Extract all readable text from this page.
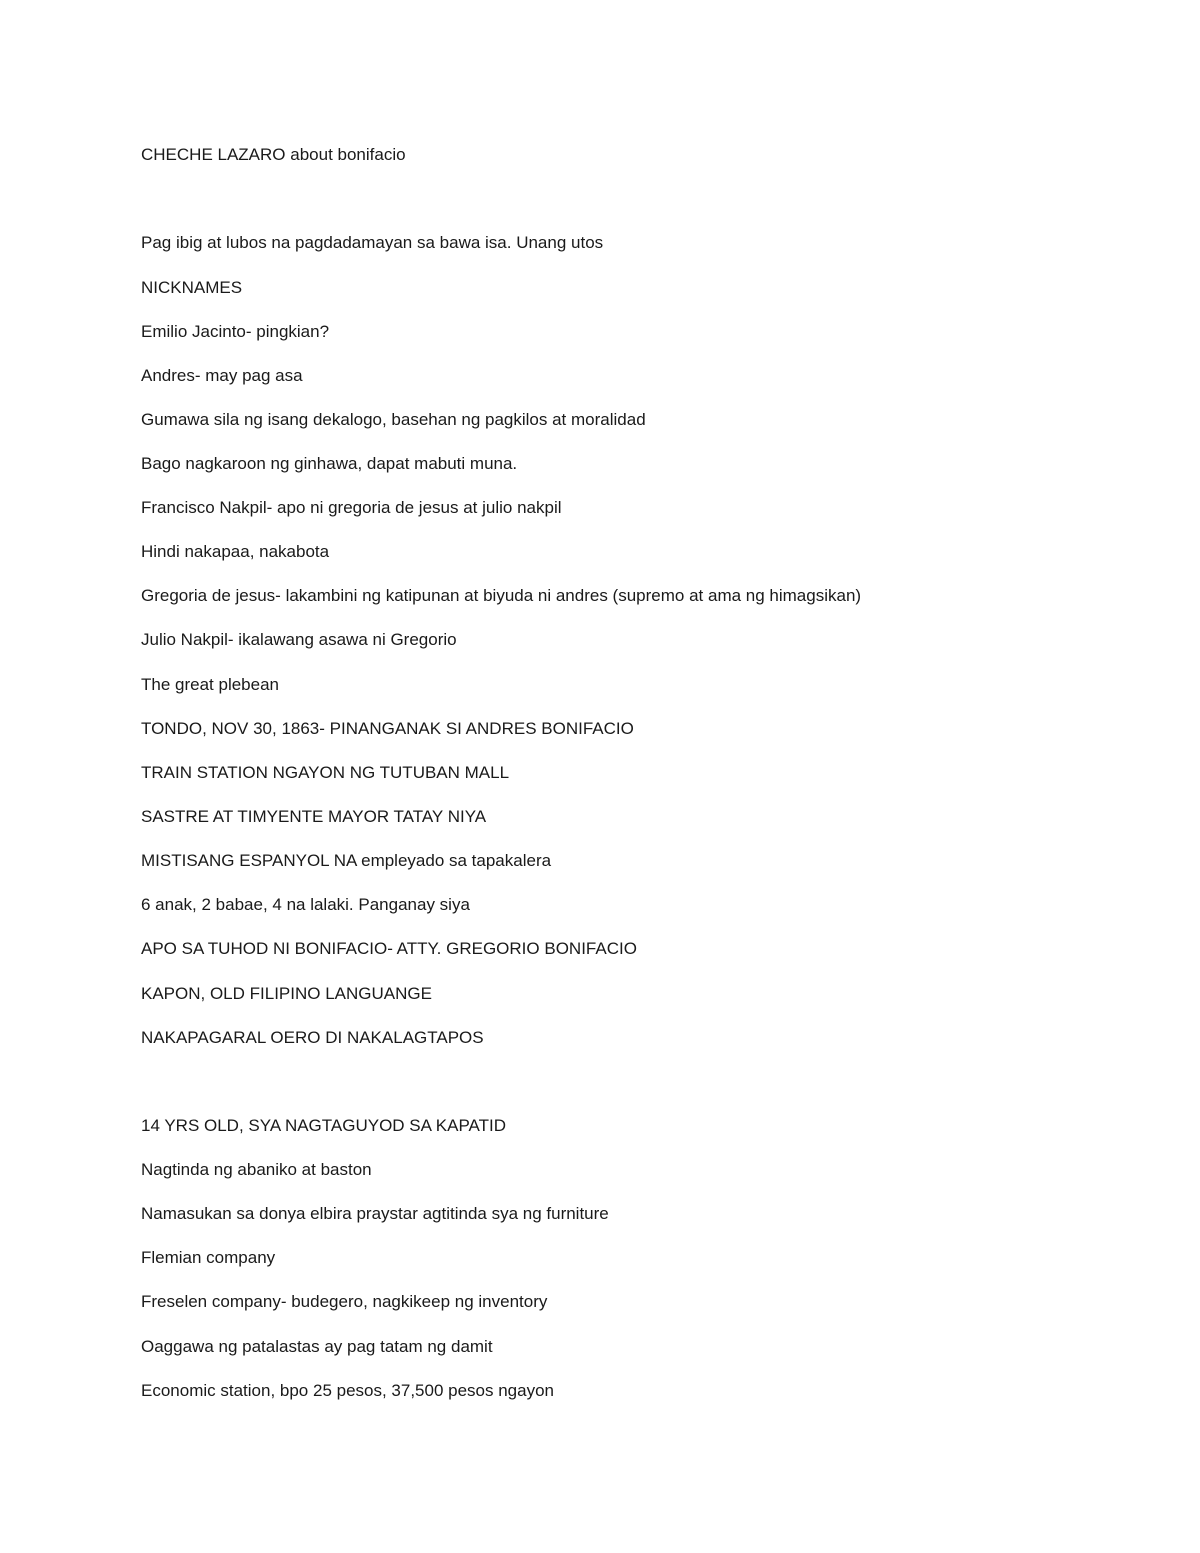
CHECHE LAZARO about bonifacio
Pag ibig at lubos na pagdadamayan sa bawa isa. Unang utos
NICKNAMES
Emilio Jacinto- pingkian?
Andres- may pag asa
Gumawa sila ng isang dekalogo, basehan ng pagkilos at moralidad
Bago nagkaroon ng ginhawa, dapat mabuti muna.
Francisco Nakpil- apo ni gregoria de jesus at julio nakpil
Hindi nakapaa, nakabota
Gregoria de jesus- lakambini ng katipunan at biyuda ni andres (supremo at ama ng himagsikan)
Julio Nakpil- ikalawang asawa ni Gregorio
The great plebean
TONDO, NOV 30, 1863- PINANGANAK SI ANDRES BONIFACIO
TRAIN STATION NGAYON NG TUTUBAN MALL
SASTRE AT TIMYENTE MAYOR TATAY NIYA
MISTISANG ESPANYOL NA empleyado sa tapakalera
6 anak, 2 babae, 4 na lalaki. Panganay siya
APO SA TUHOD NI BONIFACIO- ATTY. GREGORIO BONIFACIO
KAPON, OLD FILIPINO LANGUANGE
NAKAPAGARAL OERO DI NAKALAGTAPOS
14 YRS OLD, SYA NAGTAGUYOD SA KAPATID
Nagtinda ng abaniko at baston
Namasukan sa donya elbira praystar agtitinda sya ng furniture
Flemian company
Freselen company- budegero, nagkikeep ng inventory
Oaggawa ng patalastas ay pag tatam ng damit
Economic station, bpo 25 pesos, 37,500 pesos ngayon
